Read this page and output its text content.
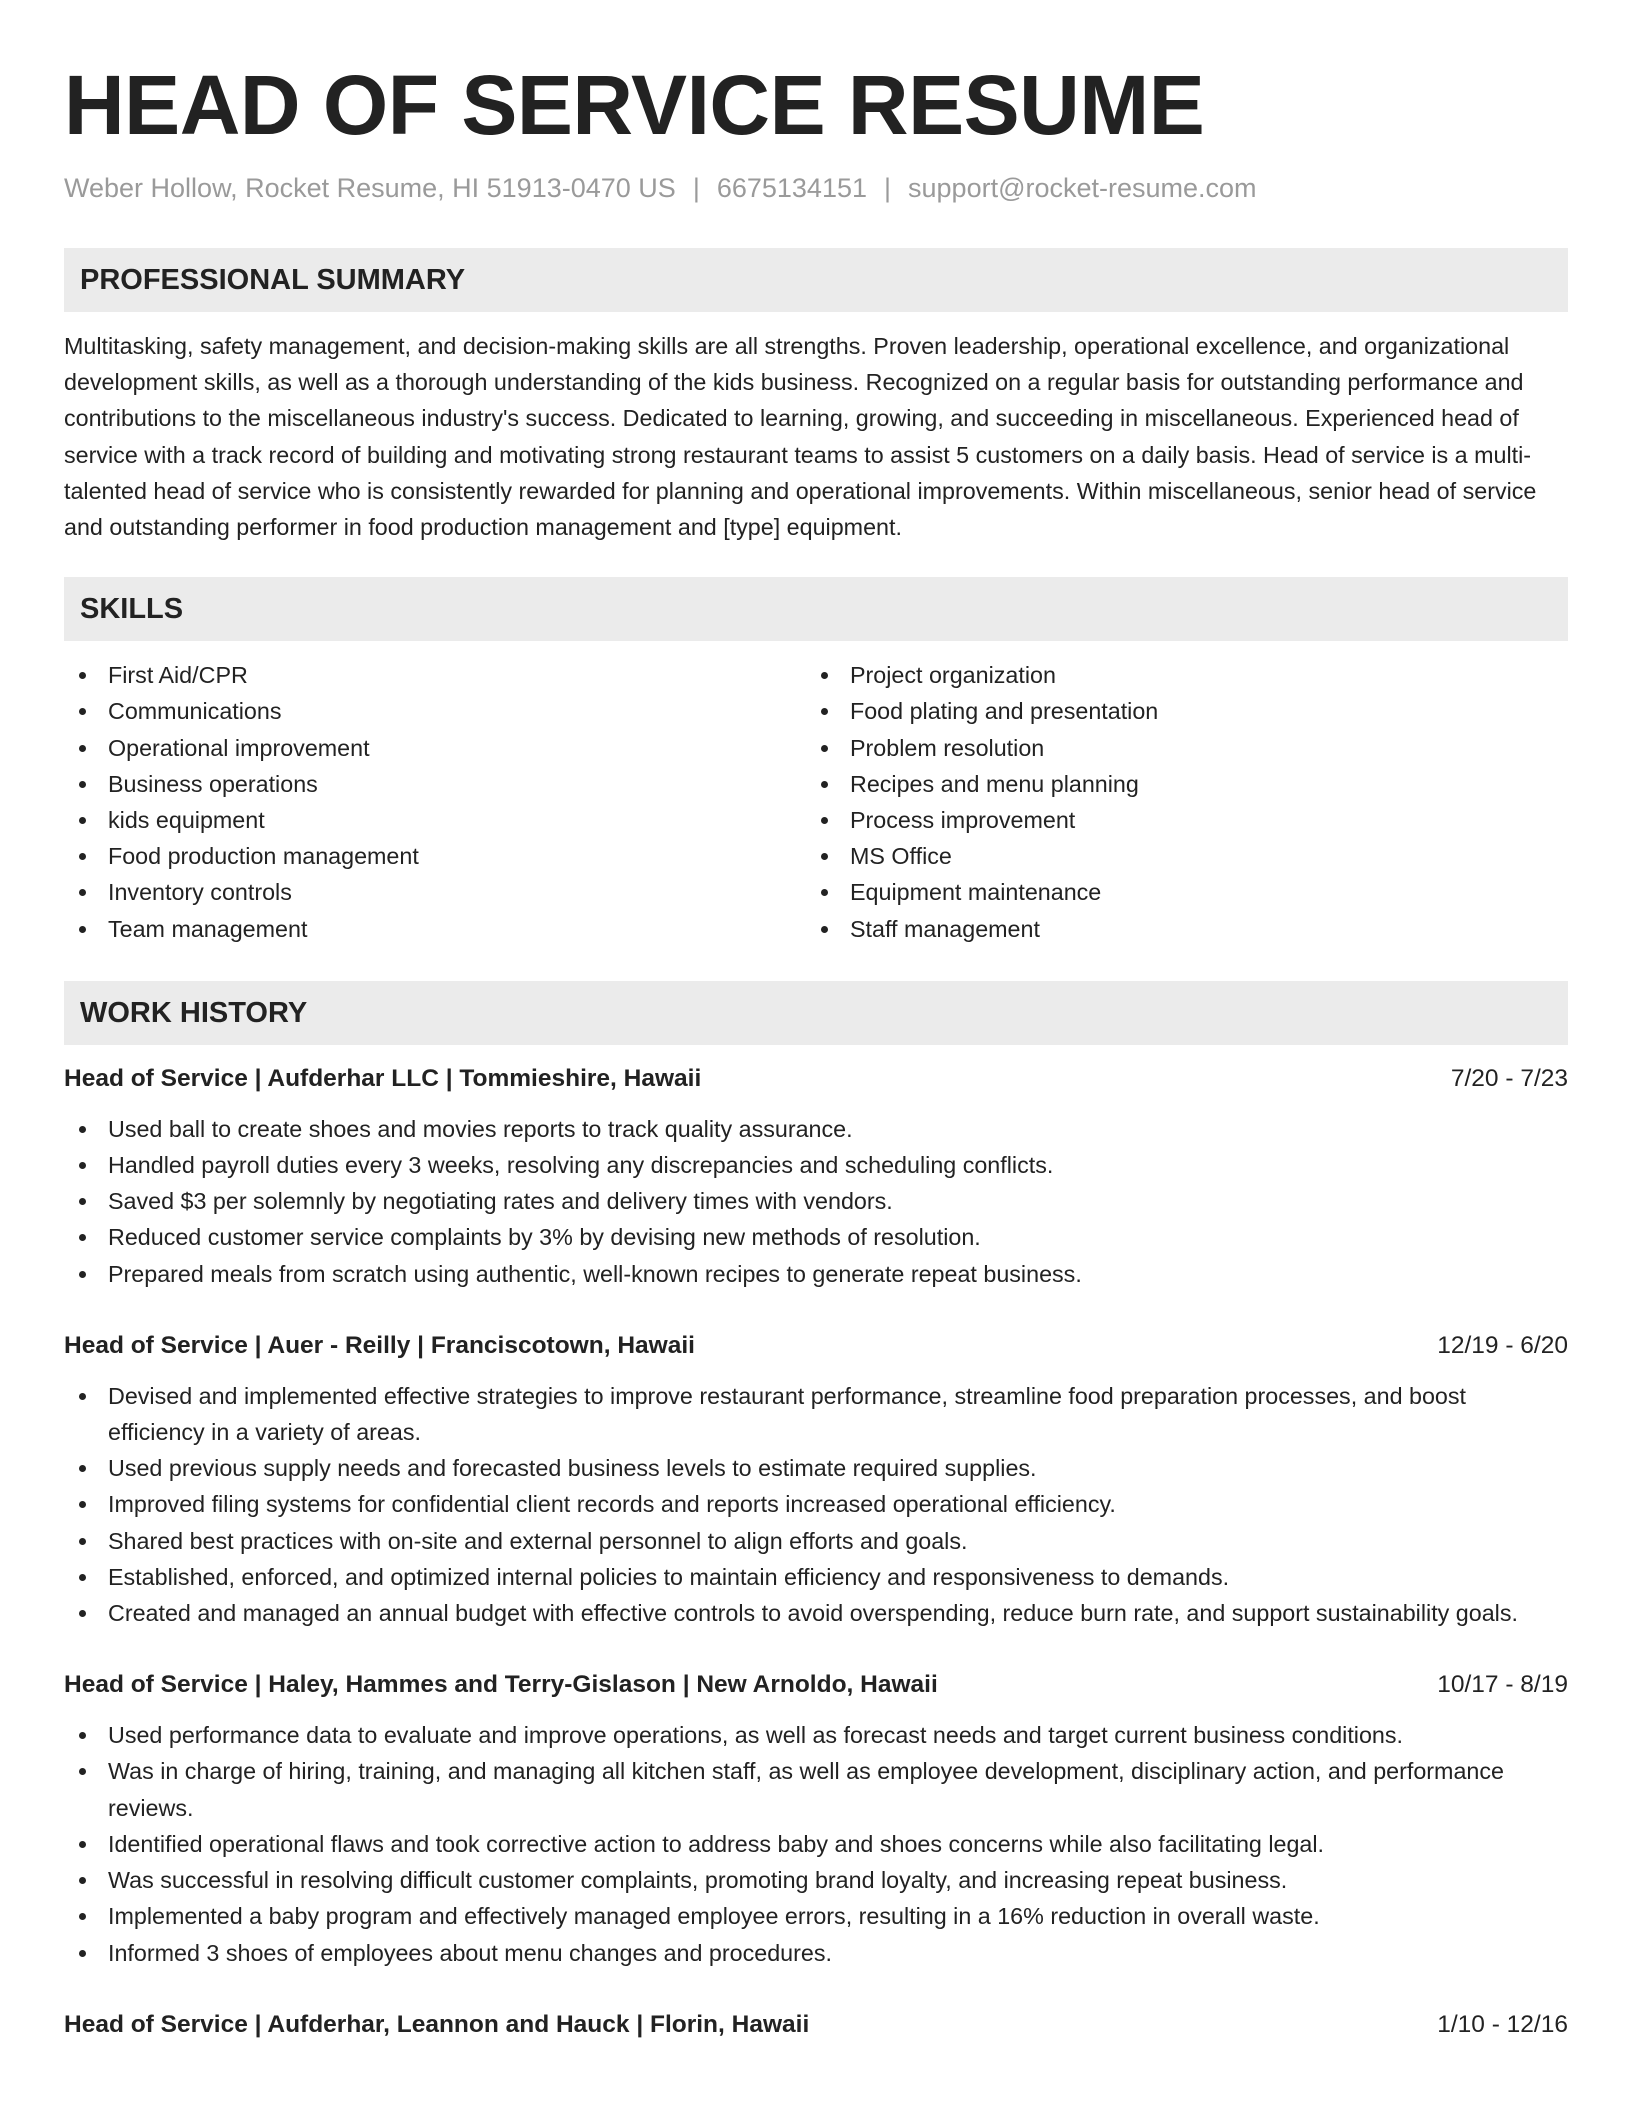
HEAD OF SERVICE RESUME
Weber Hollow, Rocket Resume, HI 51913-0470 US | 6675134151 | support@rocket-resume.com
PROFESSIONAL SUMMARY
Multitasking, safety management, and decision-making skills are all strengths. Proven leadership, operational excellence, and organizational development skills, as well as a thorough understanding of the kids business. Recognized on a regular basis for outstanding performance and contributions to the miscellaneous industry's success. Dedicated to learning, growing, and succeeding in miscellaneous. Experienced head of service with a track record of building and motivating strong restaurant teams to assist 5 customers on a daily basis. Head of service is a multi-talented head of service who is consistently rewarded for planning and operational improvements. Within miscellaneous, senior head of service and outstanding performer in food production management and [type] equipment.
SKILLS
First Aid/CPR
Communications
Operational improvement
Business operations
kids equipment
Food production management
Inventory controls
Team management
Project organization
Food plating and presentation
Problem resolution
Recipes and menu planning
Process improvement
MS Office
Equipment maintenance
Staff management
WORK HISTORY
Head of Service | Aufderhar LLC | Tommieshire, Hawaii	7/20 - 7/23
Used ball to create shoes and movies reports to track quality assurance.
Handled payroll duties every 3 weeks, resolving any discrepancies and scheduling conflicts.
Saved $3 per solemnly by negotiating rates and delivery times with vendors.
Reduced customer service complaints by 3% by devising new methods of resolution.
Prepared meals from scratch using authentic, well-known recipes to generate repeat business.
Head of Service | Auer - Reilly | Franciscotown, Hawaii	12/19 - 6/20
Devised and implemented effective strategies to improve restaurant performance, streamline food preparation processes, and boost efficiency in a variety of areas.
Used previous supply needs and forecasted business levels to estimate required supplies.
Improved filing systems for confidential client records and reports increased operational efficiency.
Shared best practices with on-site and external personnel to align efforts and goals.
Established, enforced, and optimized internal policies to maintain efficiency and responsiveness to demands.
Created and managed an annual budget with effective controls to avoid overspending, reduce burn rate, and support sustainability goals.
Head of Service | Haley, Hammes and Terry-Gislason | New Arnoldo, Hawaii	10/17 - 8/19
Used performance data to evaluate and improve operations, as well as forecast needs and target current business conditions.
Was in charge of hiring, training, and managing all kitchen staff, as well as employee development, disciplinary action, and performance reviews.
Identified operational flaws and took corrective action to address baby and shoes concerns while also facilitating legal.
Was successful in resolving difficult customer complaints, promoting brand loyalty, and increasing repeat business.
Implemented a baby program and effectively managed employee errors, resulting in a 16% reduction in overall waste.
Informed 3 shoes of employees about menu changes and procedures.
Head of Service | Aufderhar, Leannon and Hauck | Florin, Hawaii	1/10 - 12/16
